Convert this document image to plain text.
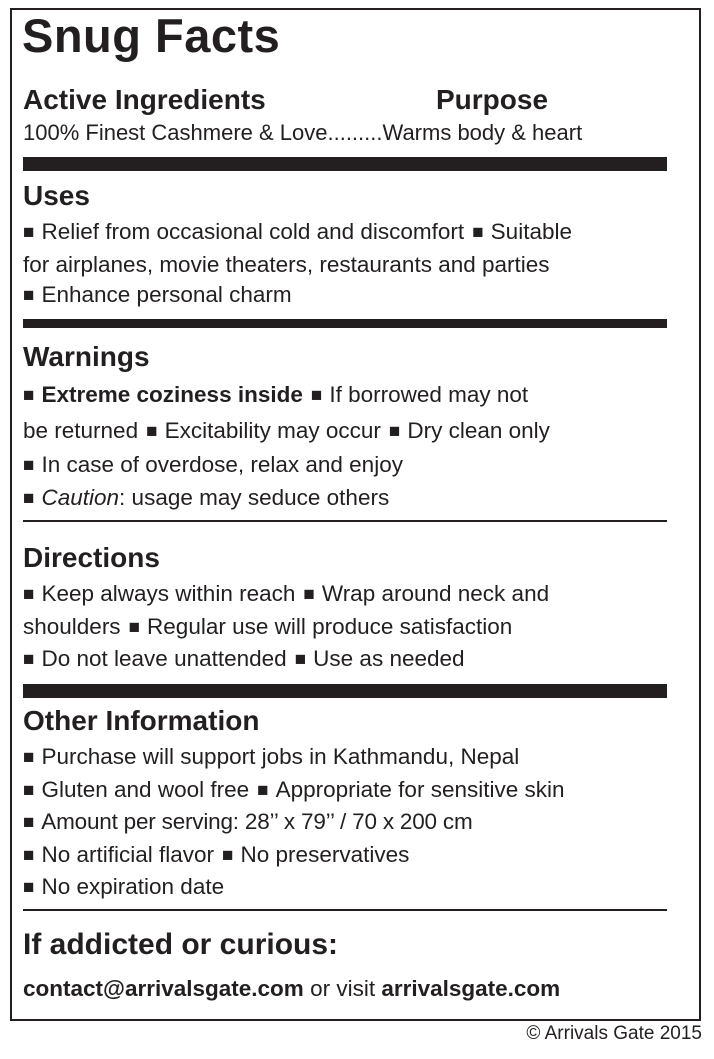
Snug Facts
Active Ingredients	Purpose
100% Finest Cashmere & Love.........Warms body & heart
Uses
■ Relief from occasional cold and discomfort ■ Suitable
for airplanes, movie theaters, restaurants and parties
■ Enhance personal charm
Warnings
■ Extreme coziness inside ■ If borrowed may not
be returned ■ Excitability may occur ■ Dry clean only
■ In case of overdose, relax and enjoy
■ Caution: usage may seduce others
Directions
■ Keep always within reach ■ Wrap around neck and
shoulders ■ Regular use will produce satisfaction
■ Do not leave unattended ■ Use as needed
Other Information
■ Purchase will support jobs in Kathmandu, Nepal
■ Gluten and wool free ■ Appropriate for sensitive skin
■ Amount per serving: 28’’ x 79’’ / 70 x 200 cm
■ No artificial flavor ■ No preservatives
■ No expiration date
If addicted or curious:
contact@arrivalsgate.com or visit arrivalsgate.com
© Arrivals Gate 2015
